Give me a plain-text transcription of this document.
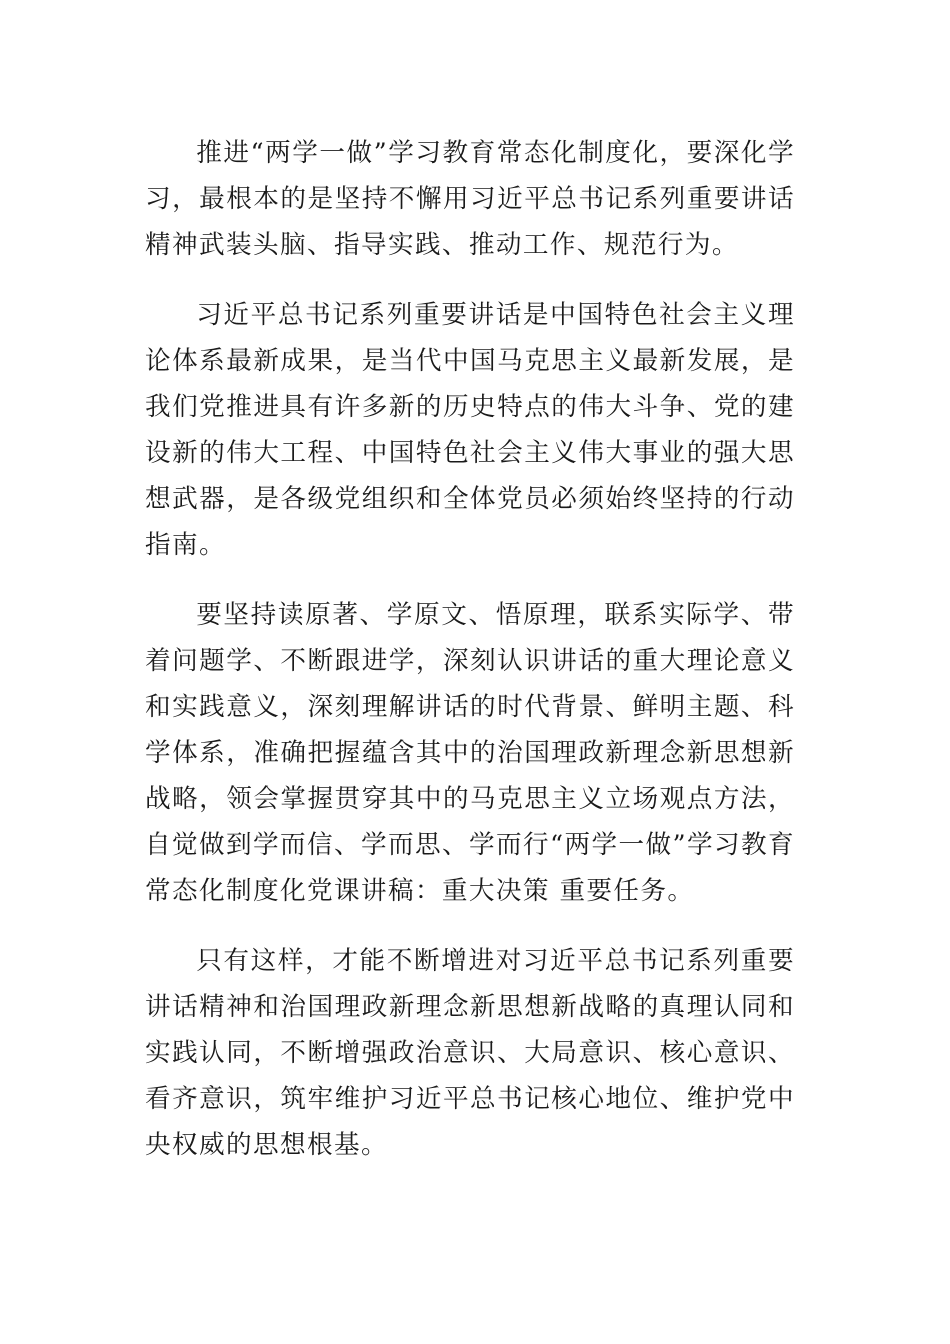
推进“两学一做”学习教育常态化制度化，要深化学习，最根本的是坚持不懈用习近平总书记系列重要讲话精神武装头脑、指导实践、推动工作、规范行为。

习近平总书记系列重要讲话是中国特色社会主义理论体系最新成果，是当代中国马克思主义最新发展，是我们党推进具有许多新的历史特点的伟大斗争、党的建设新的伟大工程、中国特色社会主义伟大事业的强大思想武器，是各级党组织和全体党员必须始终坚持的行动指南。

要坚持读原著、学原文、悟原理，联系实际学、带着问题学、不断跟进学，深刻认识讲话的重大理论意义和实践意义，深刻理解讲话的时代背景、鲜明主题、科学体系，准确把握蕴含其中的治国理政新理念新思想新战略，领会掌握贯穿其中的马克思主义立场观点方法，自觉做到学而信、学而思、学而行“两学一做”学习教育常态化制度化党课讲稿：重大决策 重要任务。

只有这样，才能不断增进对习近平总书记系列重要讲话精神和治国理政新理念新思想新战略的真理认同和实践认同，不断增强政治意识、大局意识、核心意识、看齐意识，筑牢维护习近平总书记核心地位、维护党中央权威的思想根基。
